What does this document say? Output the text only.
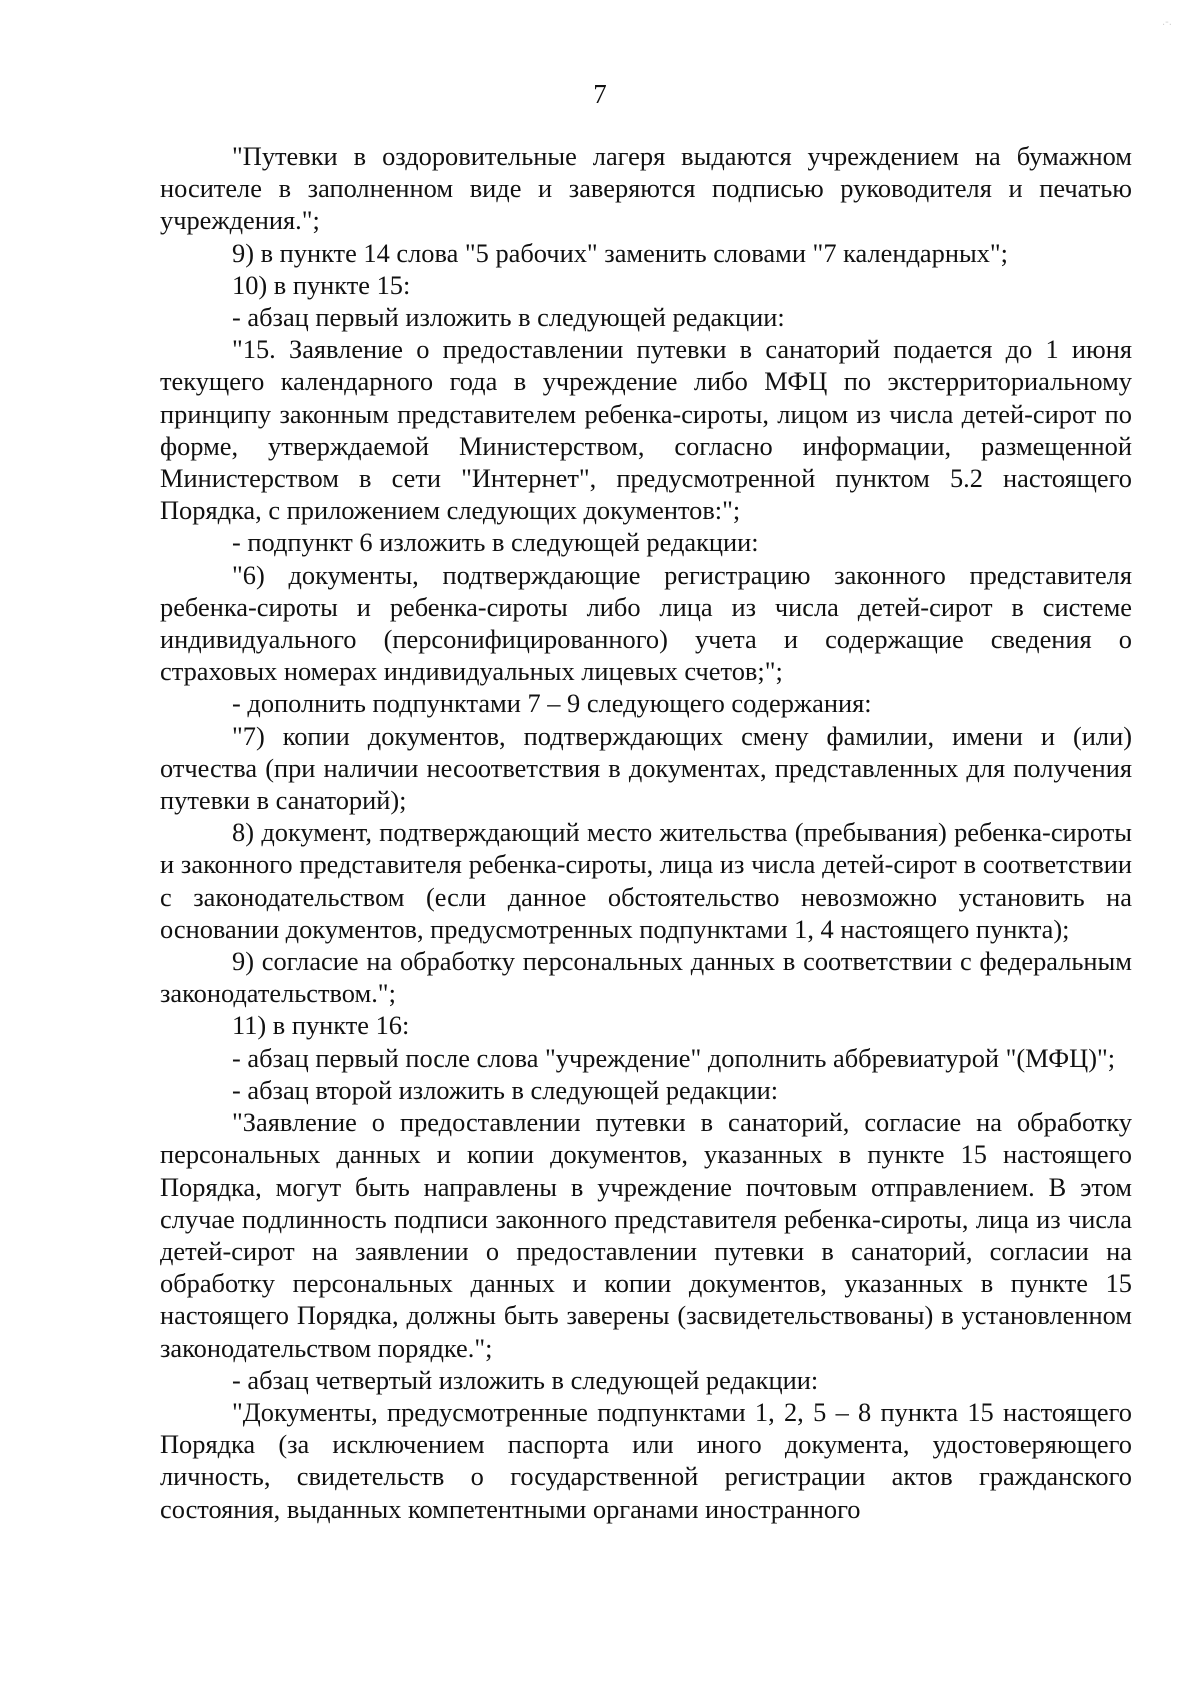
.-.
7

"Путевки в оздоровительные лагеря выдаются учреждением на бумажном носителе в заполненном виде и заверяются подписью руководителя и печатью учреждения.";

9) в пункте 14 слова "5 рабочих" заменить словами "7 календарных";

10) в пункте 15:

- абзац первый изложить в следующей редакции:

"15. Заявление о предоставлении путевки в санаторий подается до 1 июня текущего календарного года в учреждение либо МФЦ по экстерриториальному принципу законным представителем ребенка-сироты, лицом из числа детей-сирот по форме, утверждаемой Министерством, согласно информации, размещенной Министерством в сети "Интернет", предусмотренной пунктом 5.2 настоящего Порядка, с приложением следующих документов:";

- подпункт 6 изложить в следующей редакции:

"6) документы, подтверждающие регистрацию законного представителя ребенка-сироты и ребенка-сироты либо лица из числа детей-сирот в системе индивидуального (персонифицированного) учета и содержащие сведения о страховых номерах индивидуальных лицевых счетов;";

- дополнить подпунктами 7 – 9 следующего содержания:

"7) копии документов, подтверждающих смену фамилии, имени и (или) отчества (при наличии несоответствия в документах, представленных для получения путевки в санаторий);

8) документ, подтверждающий место жительства (пребывания) ребенка-сироты и законного представителя ребенка-сироты, лица из числа детей-сирот в соответствии с законодательством (если данное обстоятельство невозможно установить на основании документов, предусмотренных подпунктами 1, 4 настоящего пункта);

9) согласие на обработку персональных данных в соответствии с федеральным законодательством.";

11) в пункте 16:

- абзац первый после слова "учреждение" дополнить аббревиатурой "(МФЦ)";

- абзац второй изложить в следующей редакции:

"Заявление о предоставлении путевки в санаторий, согласие на обработку персональных данных и копии документов, указанных в пункте 15 настоящего Порядка, могут быть направлены в учреждение почтовым отправлением. В этом случае подлинность подписи законного представителя ребенка-сироты, лица из числа детей-сирот на заявлении о предоставлении путевки в санаторий, согласии на обработку персональных данных и копии документов, указанных в пункте 15 настоящего Порядка, должны быть заверены (засвидетельствованы) в установленном законодательством порядке.";

- абзац четвертый изложить в следующей редакции:

"Документы, предусмотренные подпунктами 1, 2, 5 – 8 пункта 15 настоящего Порядка (за исключением паспорта или иного документа, удостоверяющего личность, свидетельств о государственной регистрации актов гражданского состояния, выданных компетентными органами иностранного
